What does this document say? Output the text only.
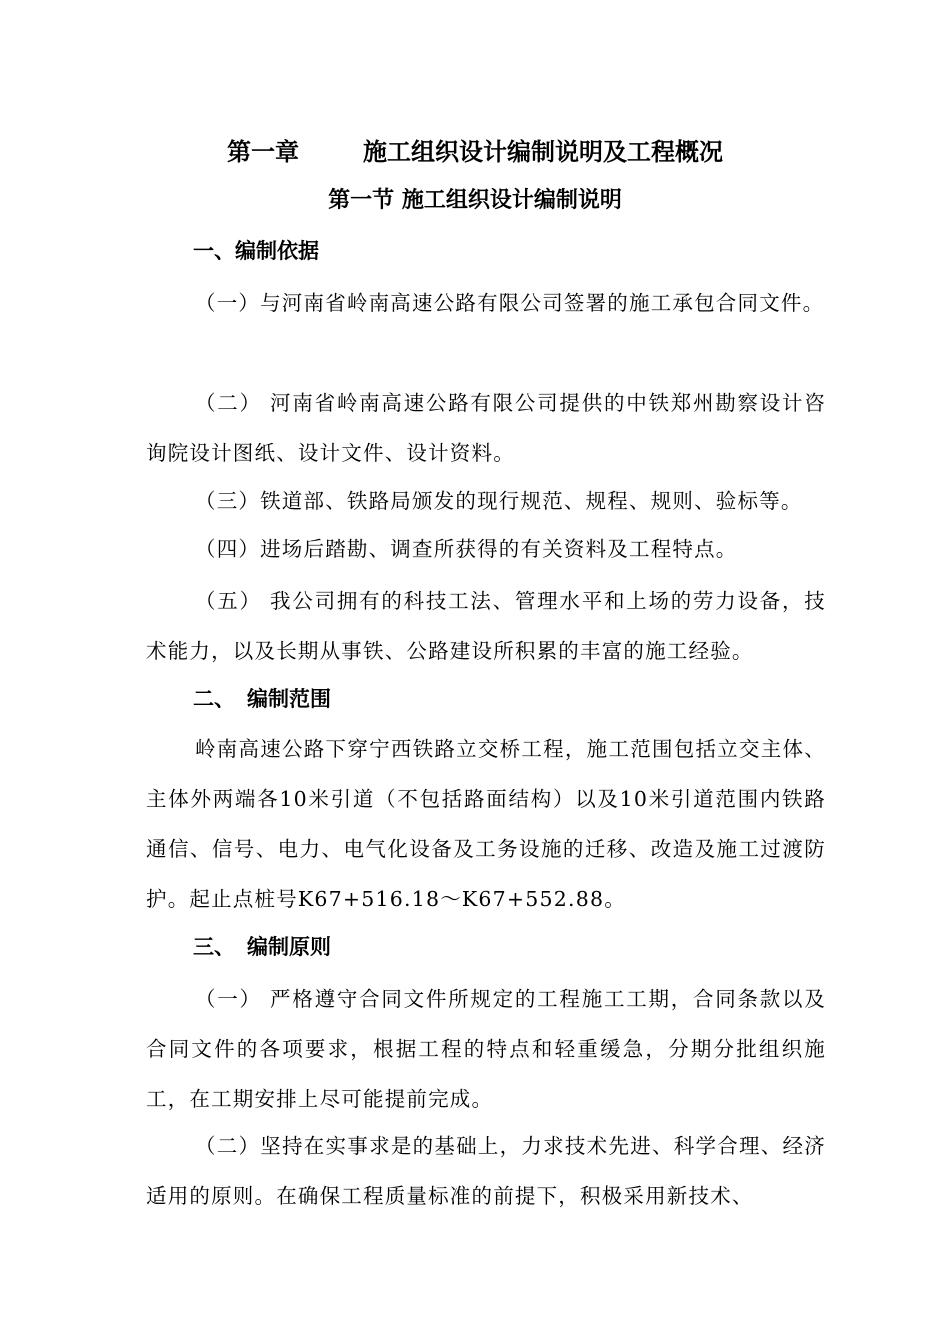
第一章	施工组织设计编制说明及工程概况
第一节 施工组织设计编制说明
一、编制依据
（一）与河南省岭南高速公路有限公司签署的施工承包合同文件。
（二） 河南省岭南高速公路有限公司提供的中铁郑州勘察设计咨询院设计图纸、设计文件、设计资料。
（三）铁道部、铁路局颁发的现行规范、规程、规则、验标等。
（四）进场后踏勘、调查所获得的有关资料及工程特点。
（五） 我公司拥有的科技工法、管理水平和上场的劳力设备，技术能力，以及长期从事铁、公路建设所积累的丰富的施工经验。
二、 编制范围
岭南高速公路下穿宁西铁路立交桥工程，施工范围包括立交主体、主体外两端各10米引道（不包括路面结构）以及10米引道范围内铁路通信、信号、电力、电气化设备及工务设施的迁移、改造及施工过渡防护。起止点桩号K67+516.18～K67+552.88。
三、 编制原则
（一） 严格遵守合同文件所规定的工程施工工期，合同条款以及合同文件的各项要求，根据工程的特点和轻重缓急，分期分批组织施工，在工期安排上尽可能提前完成。
（二）坚持在实事求是的基础上，力求技术先进、科学合理、经济适用的原则。在确保工程质量标准的前提下，积极采用新技术、
